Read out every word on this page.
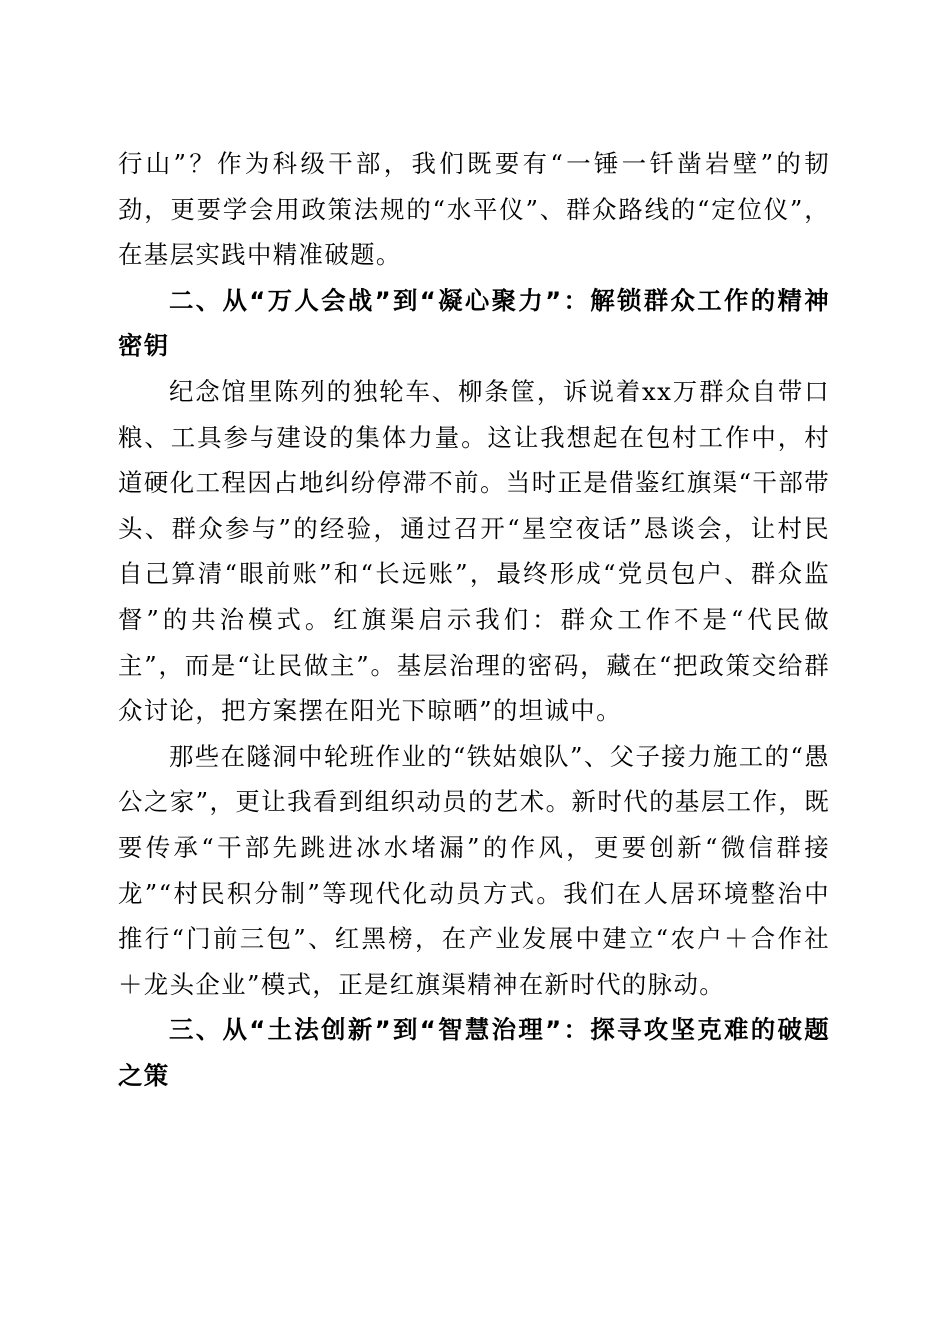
行山”？作为科级干部，我们既要有“一锤一钎凿岩壁”的韧劲，更要学会用政策法规的“水平仪”、群众路线的“定位仪”，在基层实践中精准破题。

二、从“万人会战”到“凝心聚力”：解锁群众工作的精神密钥

纪念馆里陈列的独轮车、柳条筐，诉说着xx万群众自带口粮、工具参与建设的集体力量。这让我想起在包村工作中，村道硬化工程因占地纠纷停滞不前。当时正是借鉴红旗渠“干部带头、群众参与”的经验，通过召开“星空夜话”恳谈会，让村民自己算清“眼前账”和“长远账”，最终形成“党员包户、群众监督”的共治模式。红旗渠启示我们：群众工作不是“代民做主”，而是“让民做主”。基层治理的密码，藏在“把政策交给群众讨论，把方案摆在阳光下晾晒”的坦诚中。

那些在隧洞中轮班作业的“铁姑娘队”、父子接力施工的“愚公之家”，更让我看到组织动员的艺术。新时代的基层工作，既要传承“干部先跳进冰水堵漏”的作风，更要创新“微信群接龙”“村民积分制”等现代化动员方式。我们在人居环境整治中推行“门前三包”、红黑榜，在产业发展中建立“农户＋合作社＋龙头企业”模式，正是红旗渠精神在新时代的脉动。

三、从“土法创新”到“智慧治理”：探寻攻坚克难的破题之策
